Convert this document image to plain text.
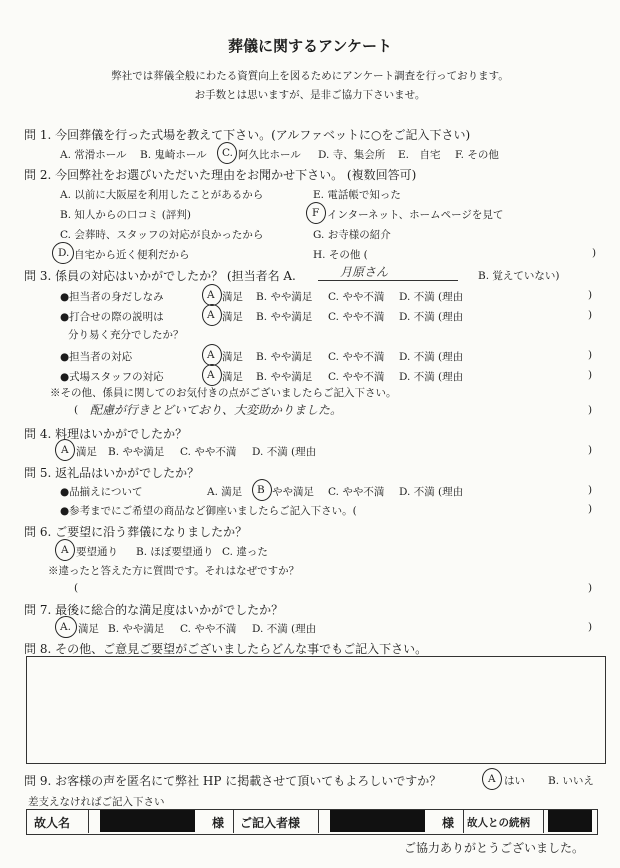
葬儀に関するアンケート
弊社では葬儀全般にわたる資質向上を図るためにアンケート調査を行っております。
お手数とは思いますが、是非ご協力下さいませ。
問 1. 今回葬儀を行った式場を教えて下さい。(アルファベットに○をご記入下さい)
A. 常滑ホール B. 鬼崎ホール C. 阿久比ホール D. 寺、集会所 E.　自宅 F. その他
問 2. 今回弊社をお選びいただいた理由をお聞かせ下さい。 (複数回答可)
A. 以前に大阪屋を利用したことがあるから	E. 電話帳で知った
B. 知人からの口コミ (評判)	F インターネット、ホームページを見て
C. 会葬時、スタッフの対応が良かったから	G. お寺様の紹介
D. 自宅から近く便利だから	H. その他 (	)
問 3. 係員の対応はいかがでしたか？ (担当者名 A.	月原さん	B. 覚えていない)
●担当者の身だしなみ	A 満足 B. やや満足 C. やや不満 D. 不満 (理由	)
●打合せの際の説明は	A 満足 B. やや満足 C. やや不満 D. 不満 (理由	)
分り易く充分でしたか？
●担当者の対応	A 満足 B. やや満足 C. やや不満 D. 不満 (理由	)
●式場スタッフの対応	A 満足 B. やや満足 C. やや不満 D. 不満 (理由	)
※その他、係員に関してのお気付きの点がございましたらご記入下さい。
( 配慮が行きとどいており、大変助かりました。	)
問 4. 料理はいかがでしたか？
A 満足 B. やや満足 C. やや不満 D. 不満 (理由	)
問 5. 返礼品はいかがでしたか？
●品揃えについて	A. 満足 B やや満足 C. やや不満 D. 不満 (理由	)
●参考までにご希望の商品など御座いましたらご記入下さい。(	)
問 6. ご要望に沿う葬儀になりましたか？
A 要望通り B. ほぼ要望通り C. 違った
※違ったと答えた方に質問です。それはなぜですか？
(	)
問 7. 最後に総合的な満足度はいかがでしたか？
A. 満足 B. やや満足 C. やや不満 D. 不満 (理由	)
問 8. その他、ご意見ご要望がございましたらどんな事でもご記入下さい。
問 9. お客様の声を匿名にて弊社 HP に掲載させて頂いてもよろしいですか？	A はい B. いいえ
差支えなければご記入下さい
故人名	様 ご記入者様	様 故人との続柄
ご協力ありがとうございました。
